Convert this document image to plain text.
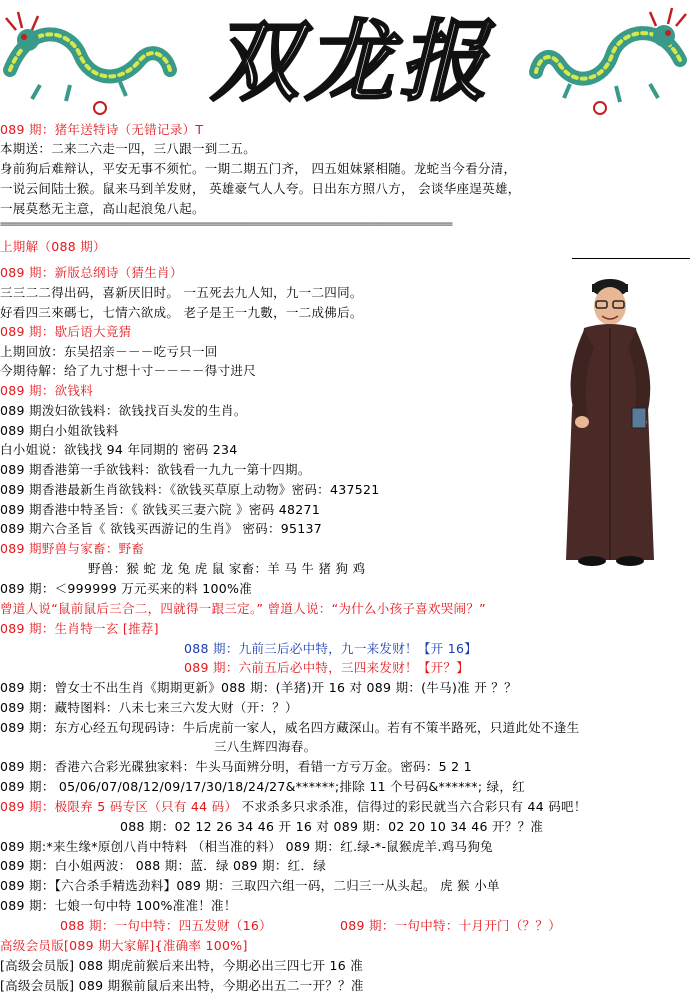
双龙报
089 期：猪年送特诗（无错记录）T
本期送：二来二六走一四，三八跟一到二五。
身前狗后难辩认，平安无事不须忙。一期二期五门齐， 四五姐妹紧相随。龙蛇当今看分清，
一说云间陆士猴。鼠来马到羊发财， 英雄豪气人人夸。日出东方照八方， 会谈华座逞英雄，
一展莫愁无主意，高山起浪兔八起。
==========================================================================================
上期解（088 期）
089 期：新版总纲诗（猜生肖）
三三二二得出码，喜新厌旧时。 一五死去九人知，九一二四同。
好看四三來碼七，七情六欲成。 老子是王一九數，一二成佛后。
089 期：歇后语大竟猜
上期回放：东吴招亲－－－吃亏只一回
今期待解：给了九寸想十寸－－－－得寸进尺
089 期：欲钱料
089 期泼妇欲钱料：欲钱找百头发的生肖。
089 期白小姐欲钱料
白小姐说：欲钱找 94 年同期的 密码 234
089 期香港第一手欲钱料：欲钱看一九九一第十四期。
089 期香港最新生肖欲钱料：《欲钱买草原上动物》密码：437521
089 期香港中特圣旨：《 欲钱买三妻六院 》密码 48271
089 期六合圣旨《 欲钱买西游记的生肖》 密码：95137
089 期野兽与家畜：野畜
野兽：猴 蛇 龙 兔 虎 鼠 家畜：羊 马 牛 猪 狗 鸡
089 期：＜999999 万元买来的料 100%准
曾道人说“鼠前鼠后三合二，四就得一跟三定。” 曾道人说：“为什么小孩子喜欢哭闹？”
089 期：生肖特一玄 [推荐]
088 期：九前三后必中特，九一来发财！【开 16】
089 期：六前五后必中特，三四来发财！【开？】
089 期：曾女士不出生肖《期期更新》088 期：(羊猪)开 16 对 089 期：(牛马)准 开 ？？
089 期：藏特图料：八未七来三六发大财（开：？）
089 期：东方心经五句现码诗：牛后虎前一家人，威名四方藏深山。若有不策半路死，只道此处不逢生
三八生辉四海春。
089 期：香港六合彩光碟独家料：牛头马面辨分明，看错一方亏万金。密码：5 2 1
089 期： 05/06/07/08/12/09/17/30/18/24/27&******;排除 11 个号码&******; 绿，红
089 期：极限弃 5 码专区（只有 44 码） 不求杀多只求杀准，信得过的彩民就当六合彩只有 44 码吧！
088 期：02 12 26 34 46 开 16 对 089 期：02 20 10 34 46 开？？准
089 期:*来生缘*原创八肖中特料 （相当准的料） 089 期：红.绿-*-鼠猴虎羊.鸡马狗兔
089 期：白小姐两波： 088 期：蓝．绿 089 期：红．绿
089 期：【六合杀手精选劲料】089 期：三取四六组一码，二归三一从头起。 虎 猴 小单
089 期：七娘一句中特 100%准准！准！
088 期：一句中特：四五发财（16）	089 期：一句中特：十月开门（？？）
高级会员版[089 期大家解]{准确率 100%]
[高级会员版] 088 期虎前猴后来出特，今期必出三四七开 16 准
[高级会员版] 089 期猴前鼠后来出特，今期必出五二一开？？准
